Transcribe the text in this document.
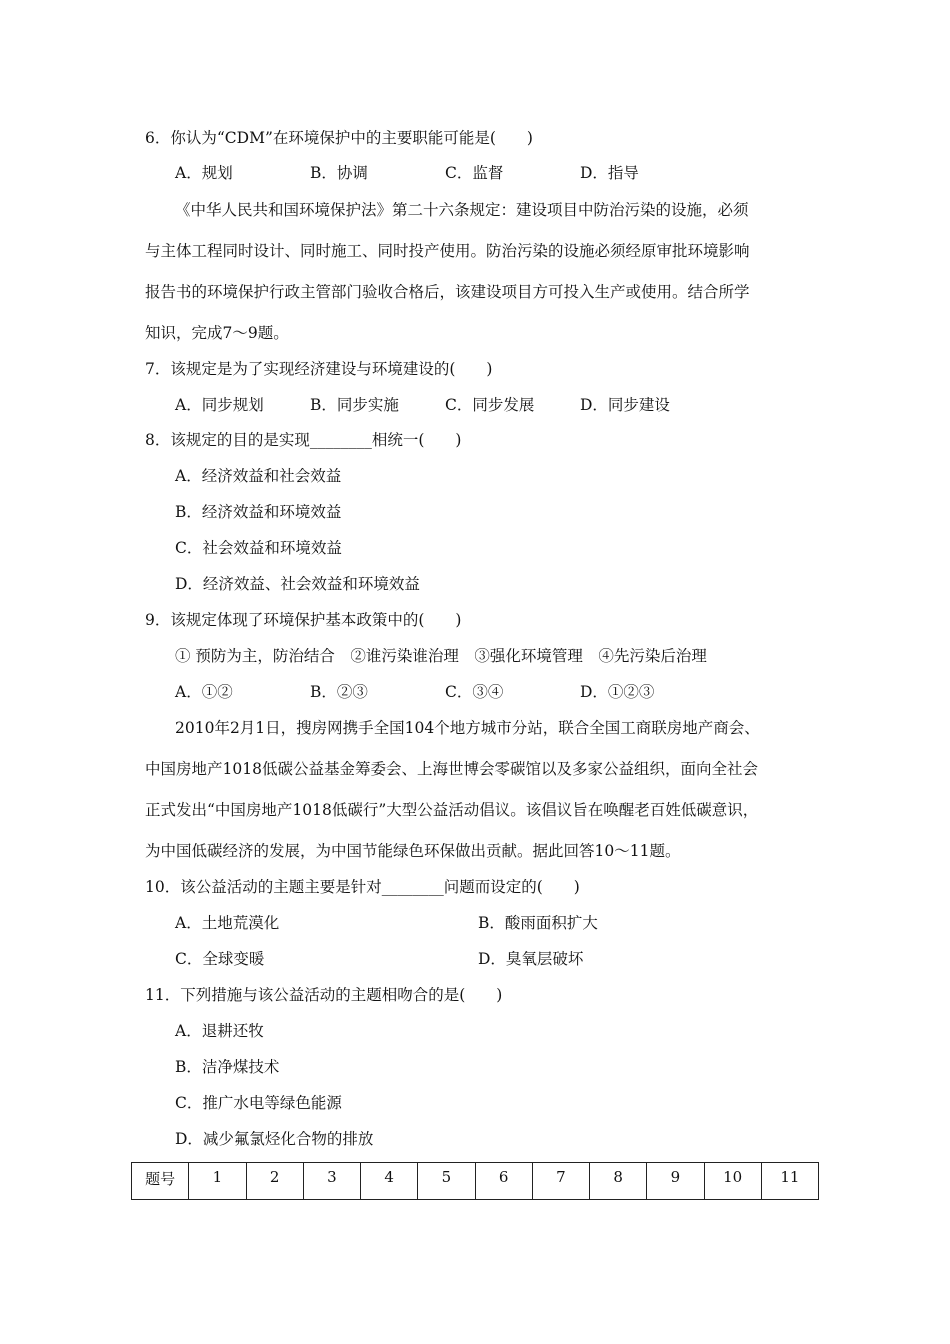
6．你认为“CDM”在环境保护中的主要职能可能是(　　)
A．规划	B．协调	C．监督	D．指导
《中华人民共和国环境保护法》第二十六条规定：建设项目中防治污染的设施，必须
与主体工程同时设计、同时施工、同时投产使用。防治污染的设施必须经原审批环境影响
报告书的环境保护行政主管部门验收合格后，该建设项目方可投入生产或使用。结合所学
知识，完成7～9题。
7．该规定是为了实现经济建设与环境建设的(　　)
A．同步规划	B．同步实施	C．同步发展	D．同步建设
8．该规定的目的是实现________相统一(　　)
A．经济效益和社会效益
B．经济效益和环境效益
C．社会效益和环境效益
D．经济效益、社会效益和环境效益
9．该规定体现了环境保护基本政策中的(　　)
① 预防为主，防治结合　②谁污染谁治理　③强化环境管理　④先污染后治理
A．①②	B．②③	C．③④	D．①②③
2010年2月1日，搜房网携手全国104个地方城市分站，联合全国工商联房地产商会、
中国房地产1018低碳公益基金筹委会、上海世博会零碳馆以及多家公益组织，面向全社会
正式发出“中国房地产1018低碳行”大型公益活动倡议。该倡议旨在唤醒老百姓低碳意识，
为中国低碳经济的发展，为中国节能绿色环保做出贡献。据此回答10～11题。
10．该公益活动的主题主要是针对________问题而设定的(　　)
A．土地荒漠化	B．酸雨面积扩大
C．全球变暖	D．臭氧层破坏
11．下列措施与该公益活动的主题相吻合的是(　　)
A．退耕还牧
B．洁净煤技术
C．推广水电等绿色能源
D．减少氟氯烃化合物的排放
题号	1	2	3	4	5	6	7	8	9	10	11
